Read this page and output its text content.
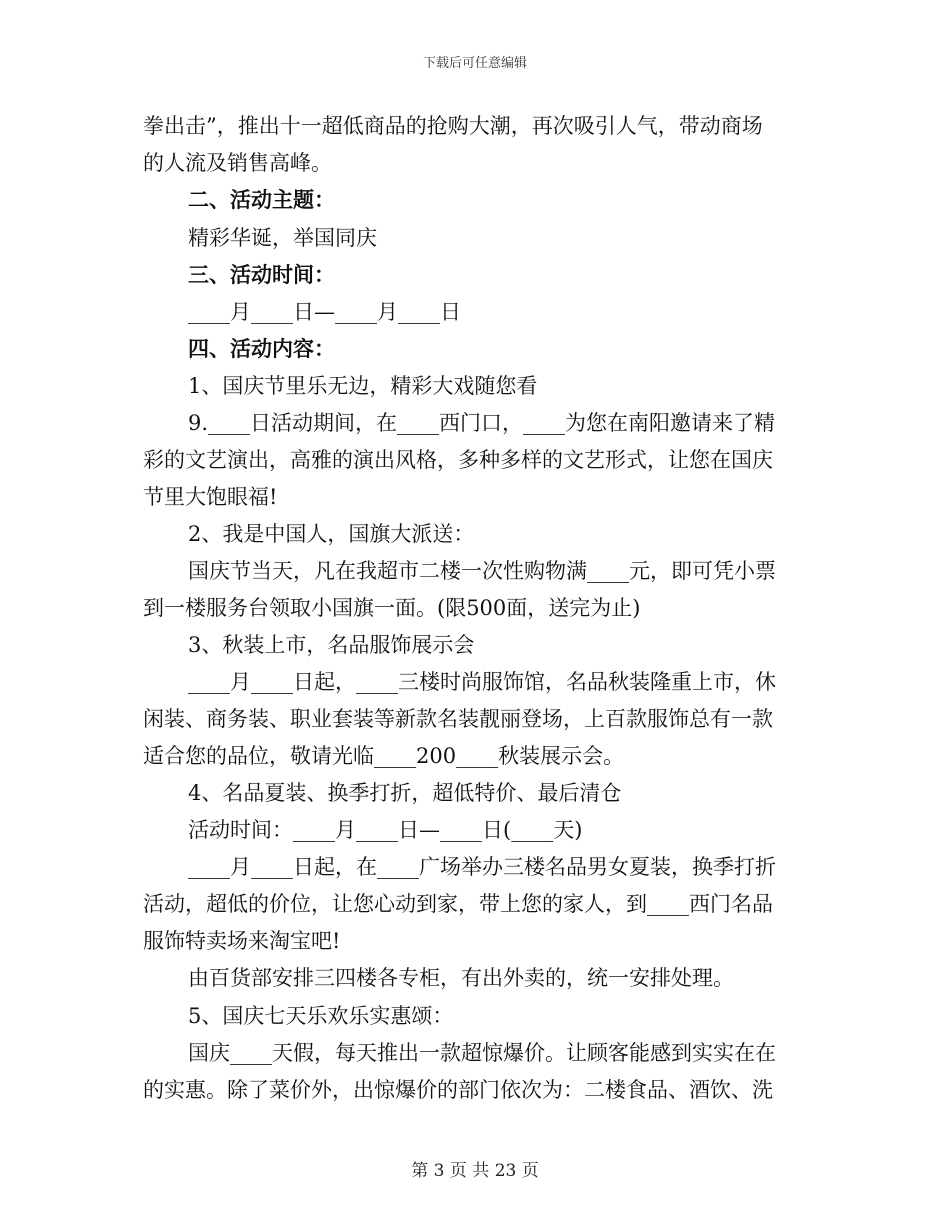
下载后可任意编辑
拳出击”，推出十一超低商品的抢购大潮，再次吸引人气，带动商场
的人流及销售高峰。
二、活动主题：
精彩华诞，举国同庆
三、活动时间：
____月____日—____月____日
四、活动内容：
1、国庆节里乐无边，精彩大戏随您看
9.____日活动期间，在____西门口，____为您在南阳邀请来了精
彩的文艺演出，高雅的演出风格，多种多样的文艺形式，让您在国庆
节里大饱眼福!
2、我是中国人，国旗大派送：
国庆节当天，凡在我超市二楼一次性购物满____元，即可凭小票
到一楼服务台领取小国旗一面。(限500面，送完为止)
3、秋装上市，名品服饰展示会
____月____日起，____三楼时尚服饰馆，名品秋装隆重上市，休
闲装、商务装、职业套装等新款名装靓丽登场，上百款服饰总有一款
适合您的品位，敬请光临____200____秋装展示会。
4、名品夏装、换季打折，超低特价、最后清仓
活动时间：____月____日—____日(____天)
____月____日起，在____广场举办三楼名品男女夏装，换季打折
活动，超低的价位，让您心动到家，带上您的家人，到____西门名品
服饰特卖场来淘宝吧!
由百货部安排三四楼各专柜，有出外卖的，统一安排处理。
5、国庆七天乐欢乐实惠颂：
国庆____天假，每天推出一款超惊爆价。让顾客能感到实实在在
的实惠。除了菜价外，出惊爆价的部门依次为：二楼食品、酒饮、洗
第 3 页 共 23 页
